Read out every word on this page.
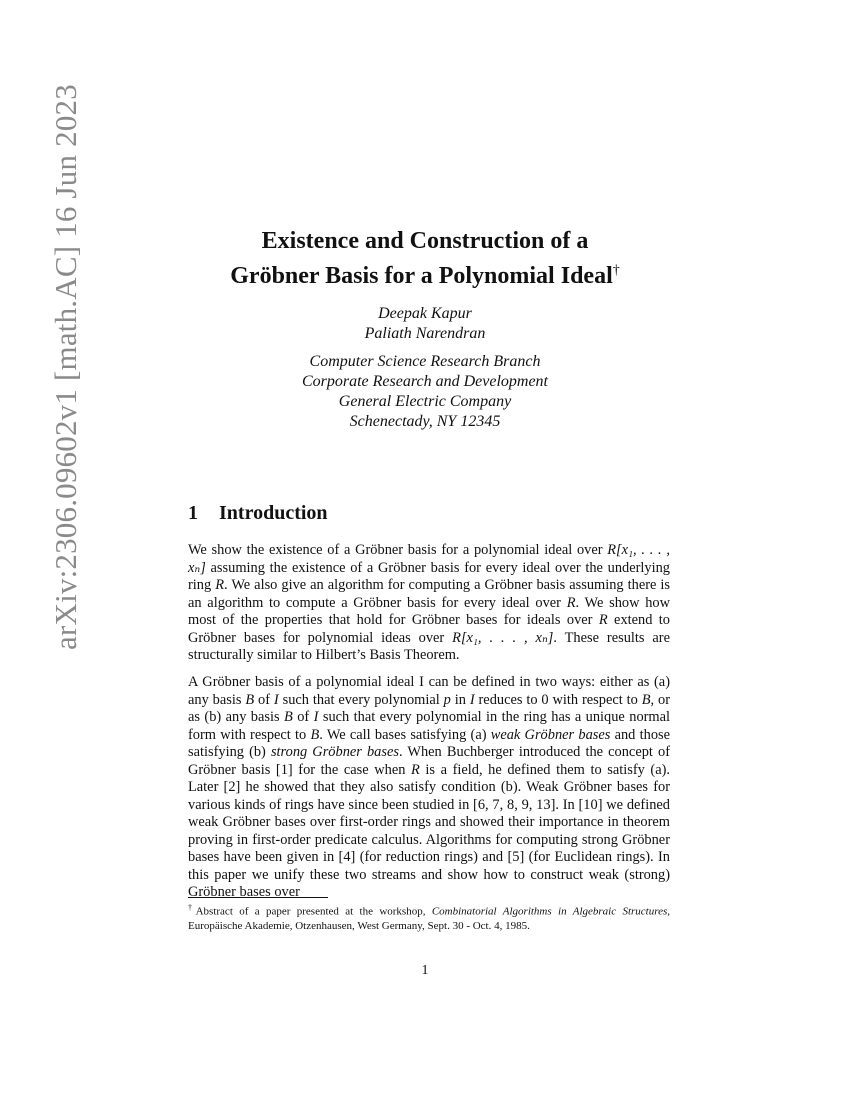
arXiv:2306.09602v1 [math.AC] 16 Jun 2023	Existence and Construction of a
Gröbner Basis for a Polynomial Ideal†
Deepak Kapur
Paliath Narendran
Computer Science Research Branch
Corporate Research and Development
General Electric Company
Schenectady, NY 12345
1 Introduction
We show the existence of a Gröbner basis for a polynomial ideal over R[x₁, . . . , xₙ] assuming the existence of a Gröbner basis for every ideal over the underlying ring R. We also give an algorithm for computing a Gröbner basis assuming there is an algorithm to compute a Gröbner basis for every ideal over R. We show how most of the properties that hold for Gröbner bases for ideals over R extend to Gröbner bases for polynomial ideas over R[x₁, . . . , xₙ]. These results are structurally similar to Hilbert’s Basis Theorem.
A Gröbner basis of a polynomial ideal I can be defined in two ways: either as (a) any basis B of I such that every polynomial p in I reduces to 0 with respect to B, or as (b) any basis B of I such that every polynomial in the ring has a unique normal form with respect to B. We call bases satisfying (a) weak Gröbner bases and those satisfying (b) strong Gröbner bases. When Buchberger introduced the concept of Gröbner basis [1] for the case when R is a field, he defined them to satisfy (a). Later [2] he showed that they also satisfy condition (b). Weak Gröbner bases for various kinds of rings have since been studied in [6, 7, 8, 9, 13]. In [10] we defined weak Gröbner bases over first-order rings and showed their importance in theorem proving in first-order predicate calculus. Algorithms for computing strong Gröbner bases have been given in [4] (for reduction rings) and [5] (for Euclidean rings). In this paper we unify these two streams and show how to construct weak (strong) Gröbner bases over
†Abstract of a paper presented at the workshop, Combinatorial Algorithms in Algebraic Structures, Europäische Akademie, Otzenhausen, West Germany, Sept. 30 - Oct. 4, 1985.
1
